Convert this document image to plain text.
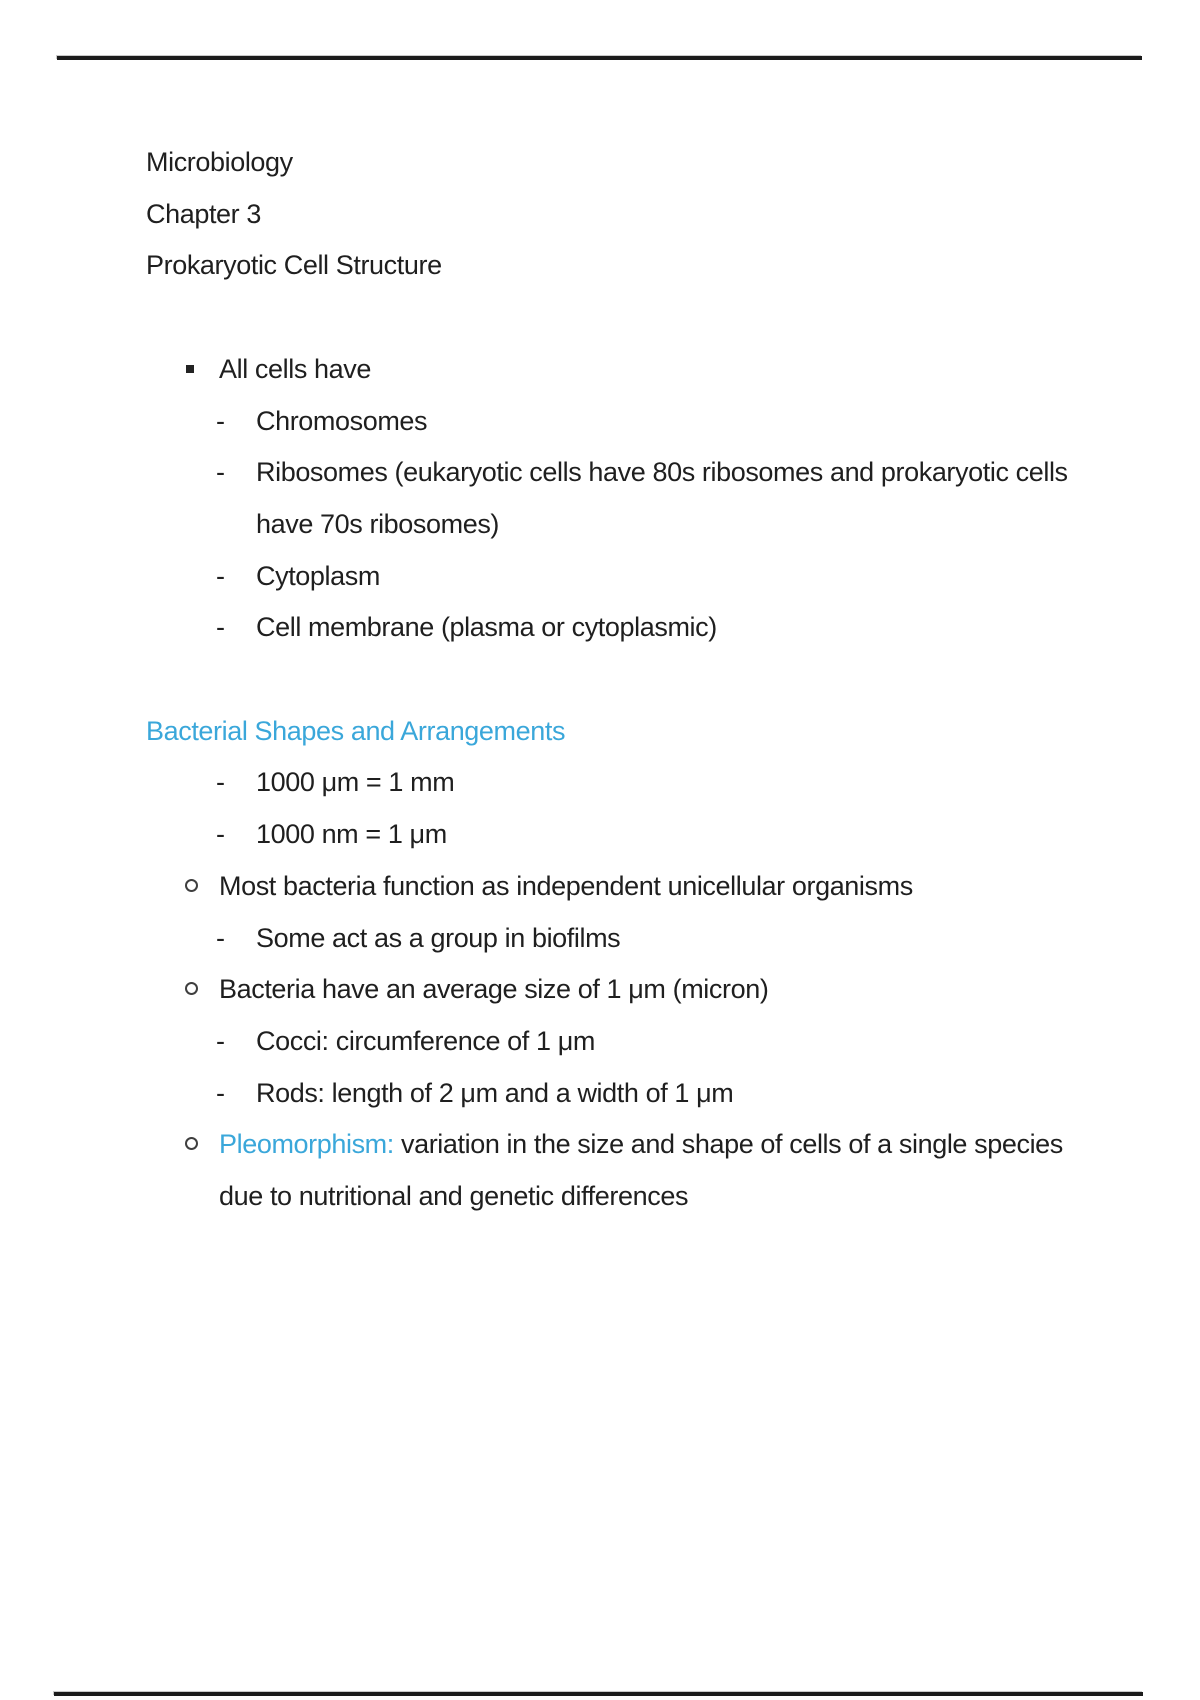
Microbiology
Chapter 3
Prokaryotic Cell Structure
All cells have
- Chromosomes
- Ribosomes (eukaryotic cells have 80s ribosomes and prokaryotic cells
have 70s ribosomes)
- Cytoplasm
- Cell membrane (plasma or cytoplasmic)
Bacterial Shapes and Arrangements
- 1000 μm = 1 mm
- 1000 nm = 1 μm
Most bacteria function as independent unicellular organisms
- Some act as a group in biofilms
Bacteria have an average size of 1 μm (micron)
- Cocci: circumference of 1 μm
- Rods: length of 2 μm and a width of 1 μm
Pleomorphism: variation in the size and shape of cells of a single species
due to nutritional and genetic differences
